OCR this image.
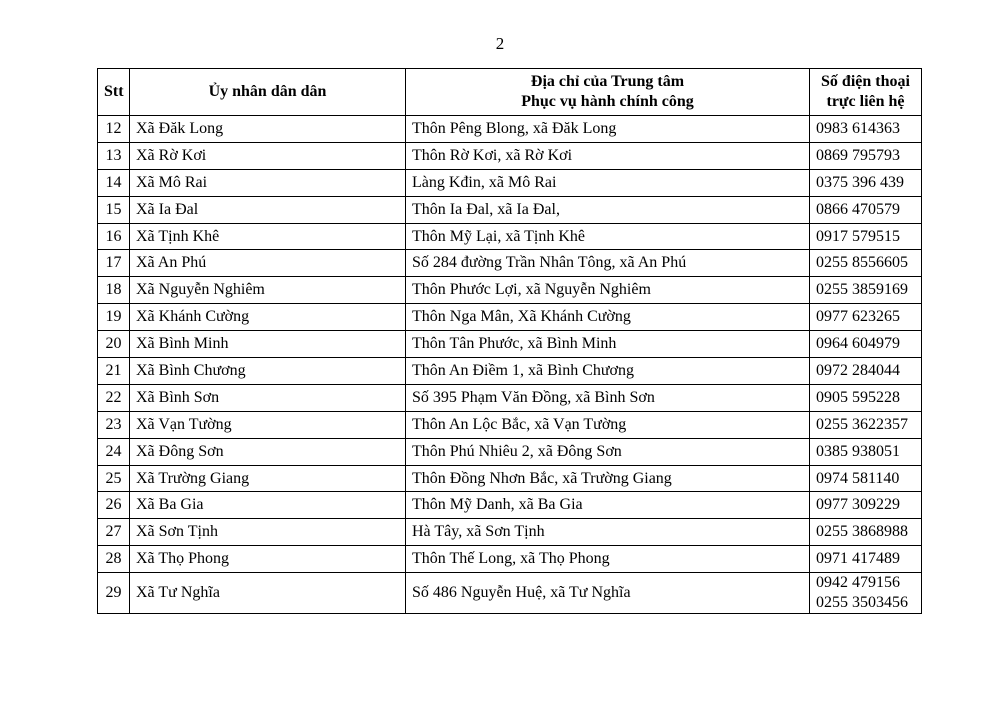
2
Stt	Ủy nhân dân dân	Địa chỉ của Trung tâm
Phục vụ hành chính công	Số điện thoại
trực liên hệ
12	Xã Đăk Long	Thôn Pêng Blong, xã Đăk Long	0983 614363

13	Xã Rờ Kơi	Thôn Rờ Kơi, xã Rờ Kơi	0869 795793

14	Xã Mô Rai	Làng Kđin, xã Mô Rai	0375 396 439

15	Xã Ia Đal	Thôn Ia Đal, xã Ia Đal,	0866 470579

16	Xã Tịnh Khê	Thôn Mỹ Lại, xã Tịnh Khê	0917 579515

17	Xã An Phú	Số 284 đường Trần Nhân Tông, xã An Phú	0255 8556605

18	Xã Nguyễn Nghiêm	Thôn Phước Lợi, xã Nguyễn Nghiêm	0255 3859169

19	Xã Khánh Cường	Thôn Nga Mân, Xã Khánh Cường	0977 623265

20	Xã Bình Minh	Thôn Tân Phước, xã Bình Minh	0964 604979

21	Xã Bình Chương	Thôn An Điềm 1, xã Bình Chương	0972 284044

22	Xã Bình Sơn	Số 395 Phạm Văn Đồng, xã Bình Sơn	0905 595228

23	Xã Vạn Tường	Thôn An Lộc Bắc, xã Vạn Tường	0255 3622357

24	Xã Đông Sơn	Thôn Phú Nhiêu 2, xã Đông Sơn	0385 938051

25	Xã Trường Giang	Thôn Đồng Nhơn Bắc, xã Trường Giang	0974 581140

26	Xã Ba Gia	Thôn Mỹ Danh, xã Ba Gia	0977 309229

27	Xã Sơn Tịnh	Hà Tây, xã Sơn Tịnh	0255 3868988

28	Xã Thọ Phong	Thôn Thế Long, xã Thọ Phong	0971 417489

29	Xã Tư Nghĩa	Số 486 Nguyễn Huệ, xã Tư Nghĩa	0942 479156
0255 3503456
